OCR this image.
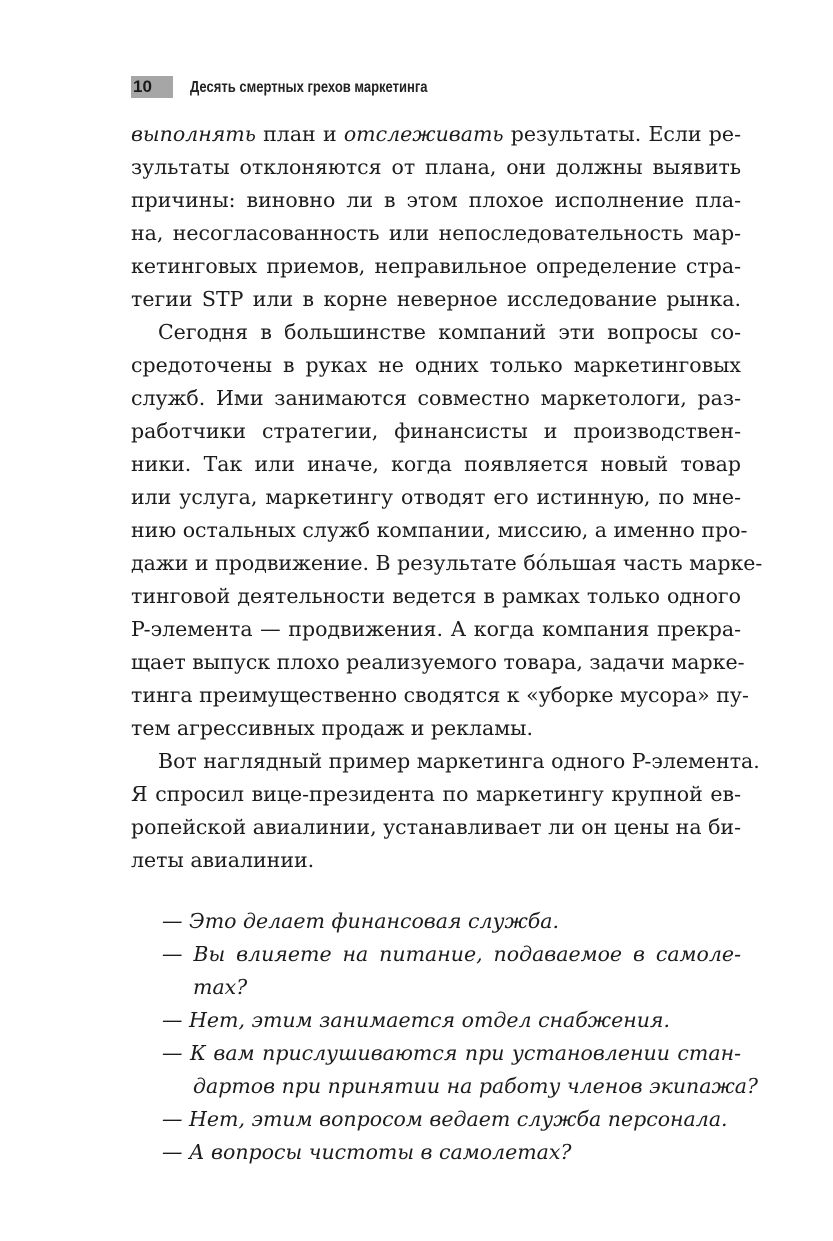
10	Десять смертных грехов маркетинга
выполнять план и отслеживать результаты. Если ре-
зультаты отклоняются от плана, они должны выявить
причины: виновно ли в этом плохое исполнение пла-
на, несогласованность или непоследовательность мар-
кетинговых приемов, неправильное определение стра-
тегии STP или в корне неверное исследование рынка.
Сегодня в большинстве компаний эти вопросы со-
средоточены в руках не одних только маркетинговых
служб. Ими занимаются совместно маркетологи, раз-
работчики стратегии, финансисты и производствен-
ники. Так или иначе, когда появляется новый товар
или услуга, маркетингу отводят его истинную, по мне-
нию остальных служб компании, миссию, а именно про-
дажи и продвижение. В результате бóльшая часть марке-
тинговой деятельности ведется в рамках только одного
P-элемента — продвижения. А когда компания прекра-
щает выпуск плохо реализуемого товара, задачи марке-
тинга преимущественно сводятся к «уборке мусора» пу-
тем агрессивных продаж и рекламы.
Вот наглядный пример маркетинга одного P-элемента.
Я спросил вице-президента по маркетингу крупной ев-
ропейской авиалинии, устанавливает ли он цены на би-
леты авиалинии.
— Это делает финансовая служба.
— Вы влияете на питание, подаваемое в самоле-
тах?
— Нет, этим занимается отдел снабжения.
— К вам прислушиваются при установлении стан-
дартов при принятии на работу членов экипажа?
— Нет, этим вопросом ведает служба персонала.
— А вопросы чистоты в самолетах?
